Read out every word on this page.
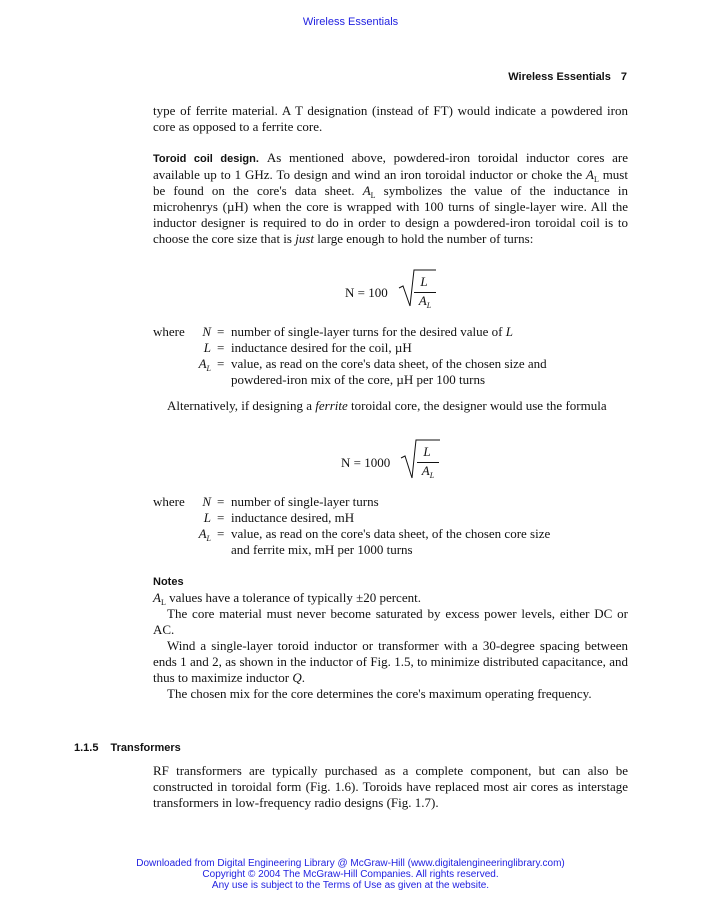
Wireless Essentials
Wireless Essentials 7

type of ferrite material. A T designation (instead of FT) would indicate a powdered iron core as opposed to a ferrite core.

Toroid coil design. As mentioned above, powdered-iron toroidal inductor cores are available up to 1 GHz. To design and wind an iron toroidal inductor or choke the $A_L$ must be found on the core's data sheet. $A_L$ symbolizes the value of the inductance in microhenrys (µH) when the core is wrapped with 100 turns of single-layer wire. All the inductor designer is required to do in order to design a powdered-iron toroidal coil is to choose the core size that is just large enough to hold the number of turns:

N = 100
L
$A_L$
where	N = number of single-layer turns for the desired value of L
L = inductance desired for the coil, µH
$A_L$ = value, as read on the core's data sheet, of the chosen size and
powdered-iron mix of the core, µH per 100 turns

Alternatively, if designing a ferrite toroidal core, the designer would use the formula

N = 1000
L
$A_L$
where	N = number of single-layer turns
L = inductance desired, mH
$A_L$ = value, as read on the core's data sheet, of the chosen core size
and ferrite mix, mH per 1000 turns
Notes

$A_L$ values have a tolerance of typically ±20 percent.

The core material must never become saturated by excess power levels, either DC or AC.

Wind a single-layer toroid inductor or transformer with a 30-degree spacing between ends 1 and 2, as shown in the inductor of Fig. 1.5, to minimize distributed capacitance, and thus to maximize inductor Q.

The chosen mix for the core determines the core's maximum operating frequency.

1.1.5 Transformers

RF transformers are typically purchased as a complete component, but can also be constructed in toroidal form (Fig. 1.6). Toroids have replaced most air cores as interstage transformers in low-frequency radio designs (Fig. 1.7).

Downloaded from Digital Engineering Library @ McGraw-Hill (www.digitalengineeringlibrary.com)
Copyright © 2004 The McGraw-Hill Companies. All rights reserved.
Any use is subject to the Terms of Use as given at the website.
